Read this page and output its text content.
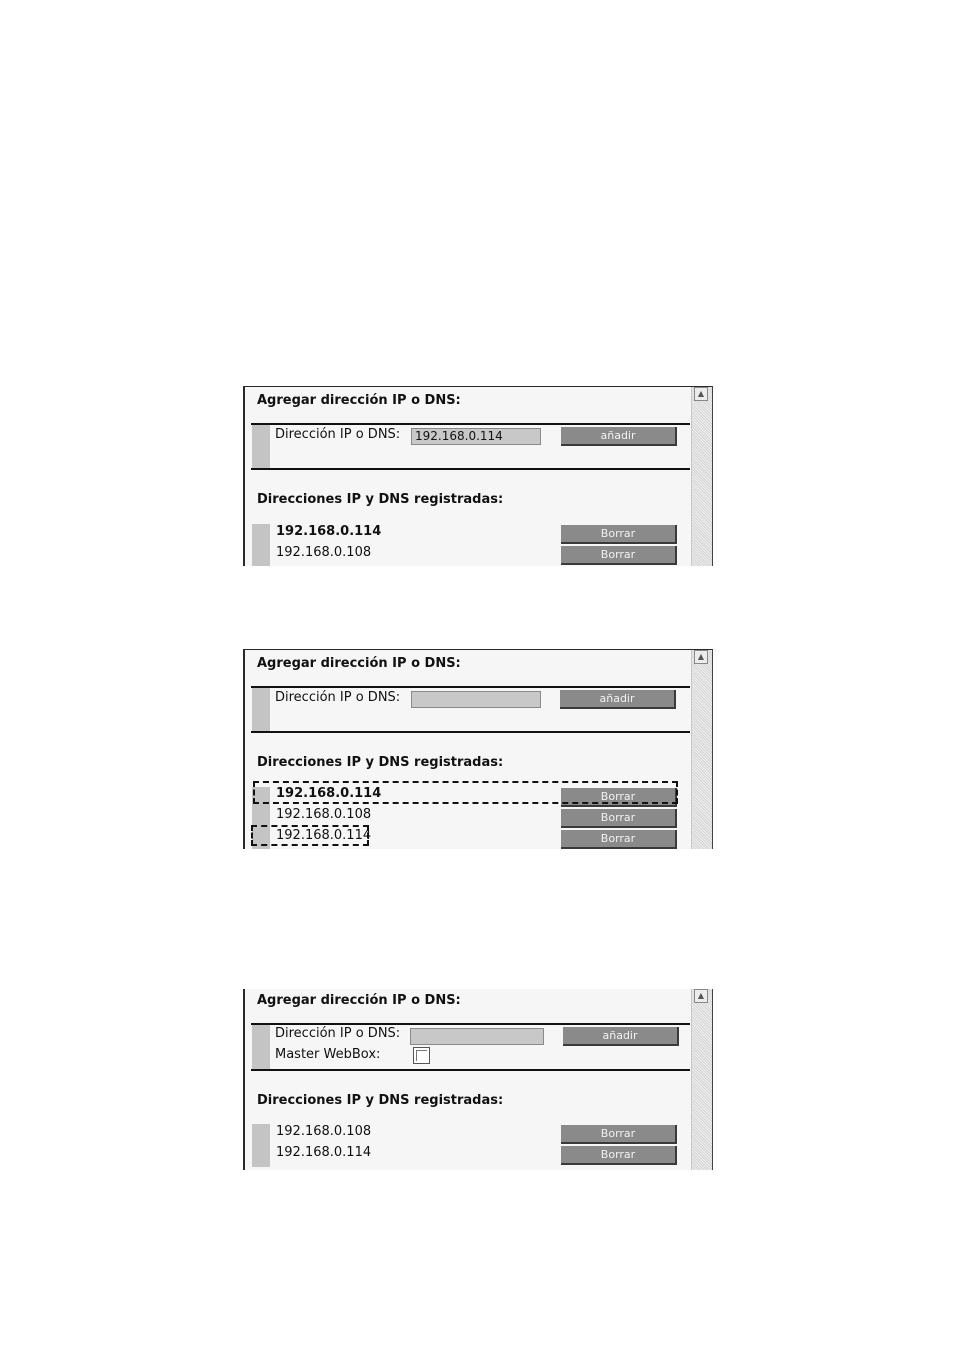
▲
Agregar dirección IP o DNS:
Dirección IP o DNS:	192.168.0.114	añadir
Direcciones IP y DNS registradas:
192.168.0.114	Borrar
192.168.0.108	Borrar
▲
Agregar dirección IP o DNS:
Dirección IP o DNS:	añadir
Direcciones IP y DNS registradas:
192.168.0.114	Borrar
192.168.0.108	Borrar
192.168.0.114	Borrar
▲
Agregar dirección IP o DNS:
Dirección IP o DNS:	añadir
Master WebBox:
Direcciones IP y DNS registradas:
192.168.0.108	Borrar
192.168.0.114	Borrar
